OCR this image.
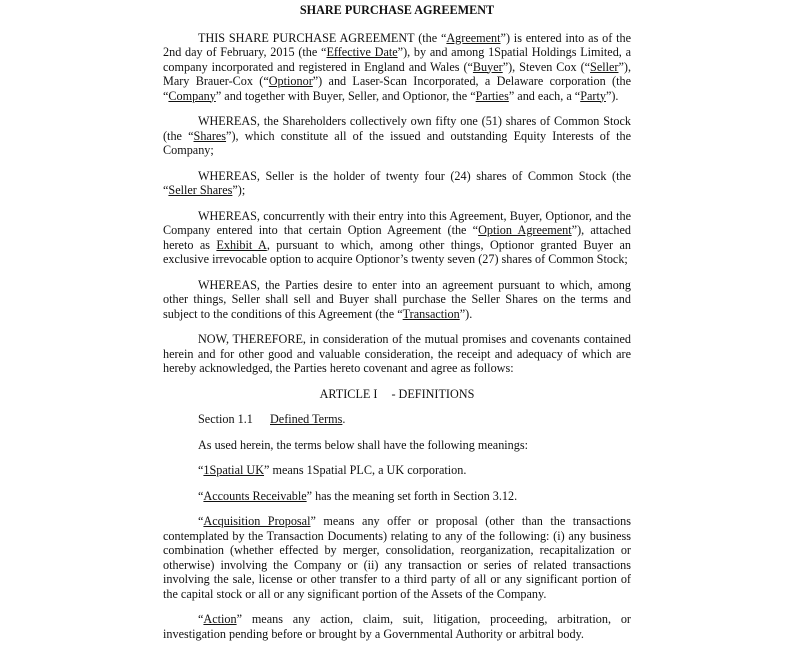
SHARE PURCHASE AGREEMENT

THIS SHARE PURCHASE AGREEMENT (the “Agreement”) is entered into as of the 2nd day of February, 2015 (the “Effective Date”), by and among 1Spatial Holdings Limited, a company incorporated and registered in England and Wales (“Buyer”), Steven Cox (“Seller”), Mary Brauer-Cox (“Optionor”) and Laser-Scan Incorporated, a Delaware corporation (the “Company” and together with Buyer, Seller, and Optionor, the “Parties” and each, a “Party”).

WHEREAS, the Shareholders collectively own fifty one (51) shares of Common Stock (the “Shares”), which constitute all of the issued and outstanding Equity Interests of the Company;

WHEREAS, Seller is the holder of twenty four (24) shares of Common Stock (the “Seller Shares”);

WHEREAS, concurrently with their entry into this Agreement, Buyer, Optionor, and the Company entered into that certain Option Agreement (the “Option Agreement”), attached hereto as Exhibit A, pursuant to which, among other things, Optionor granted Buyer an exclusive irrevocable option to acquire Optionor’s twenty seven (27) shares of Common Stock;

WHEREAS, the Parties desire to enter into an agreement pursuant to which, among other things, Seller shall sell and Buyer shall purchase the Seller Shares on the terms and subject to the conditions of this Agreement (the “Transaction”).

NOW, THEREFORE, in consideration of the mutual promises and covenants contained herein and for other good and valuable consideration, the receipt and adequacy of which are hereby acknowledged, the Parties hereto covenant and agree as follows:

ARTICLE I - DEFINITIONS
Section 1.1 Defined Terms.

As used herein, the terms below shall have the following meanings:

“1Spatial UK” means 1Spatial PLC, a UK corporation.

“Accounts Receivable” has the meaning set forth in Section 3.12.

“Acquisition Proposal” means any offer or proposal (other than the transactions contemplated by the Transaction Documents) relating to any of the following: (i) any business combination (whether effected by merger, consolidation, reorganization, recapitalization or otherwise) involving the Company or (ii) any transaction or series of related transactions involving the sale, license or other transfer to a third party of all or any significant portion of the capital stock or all or any significant portion of the Assets of the Company.

“Action” means any action, claim, suit, litigation, proceeding, arbitration, or investigation pending before or brought by a Governmental Authority or arbitral body.
